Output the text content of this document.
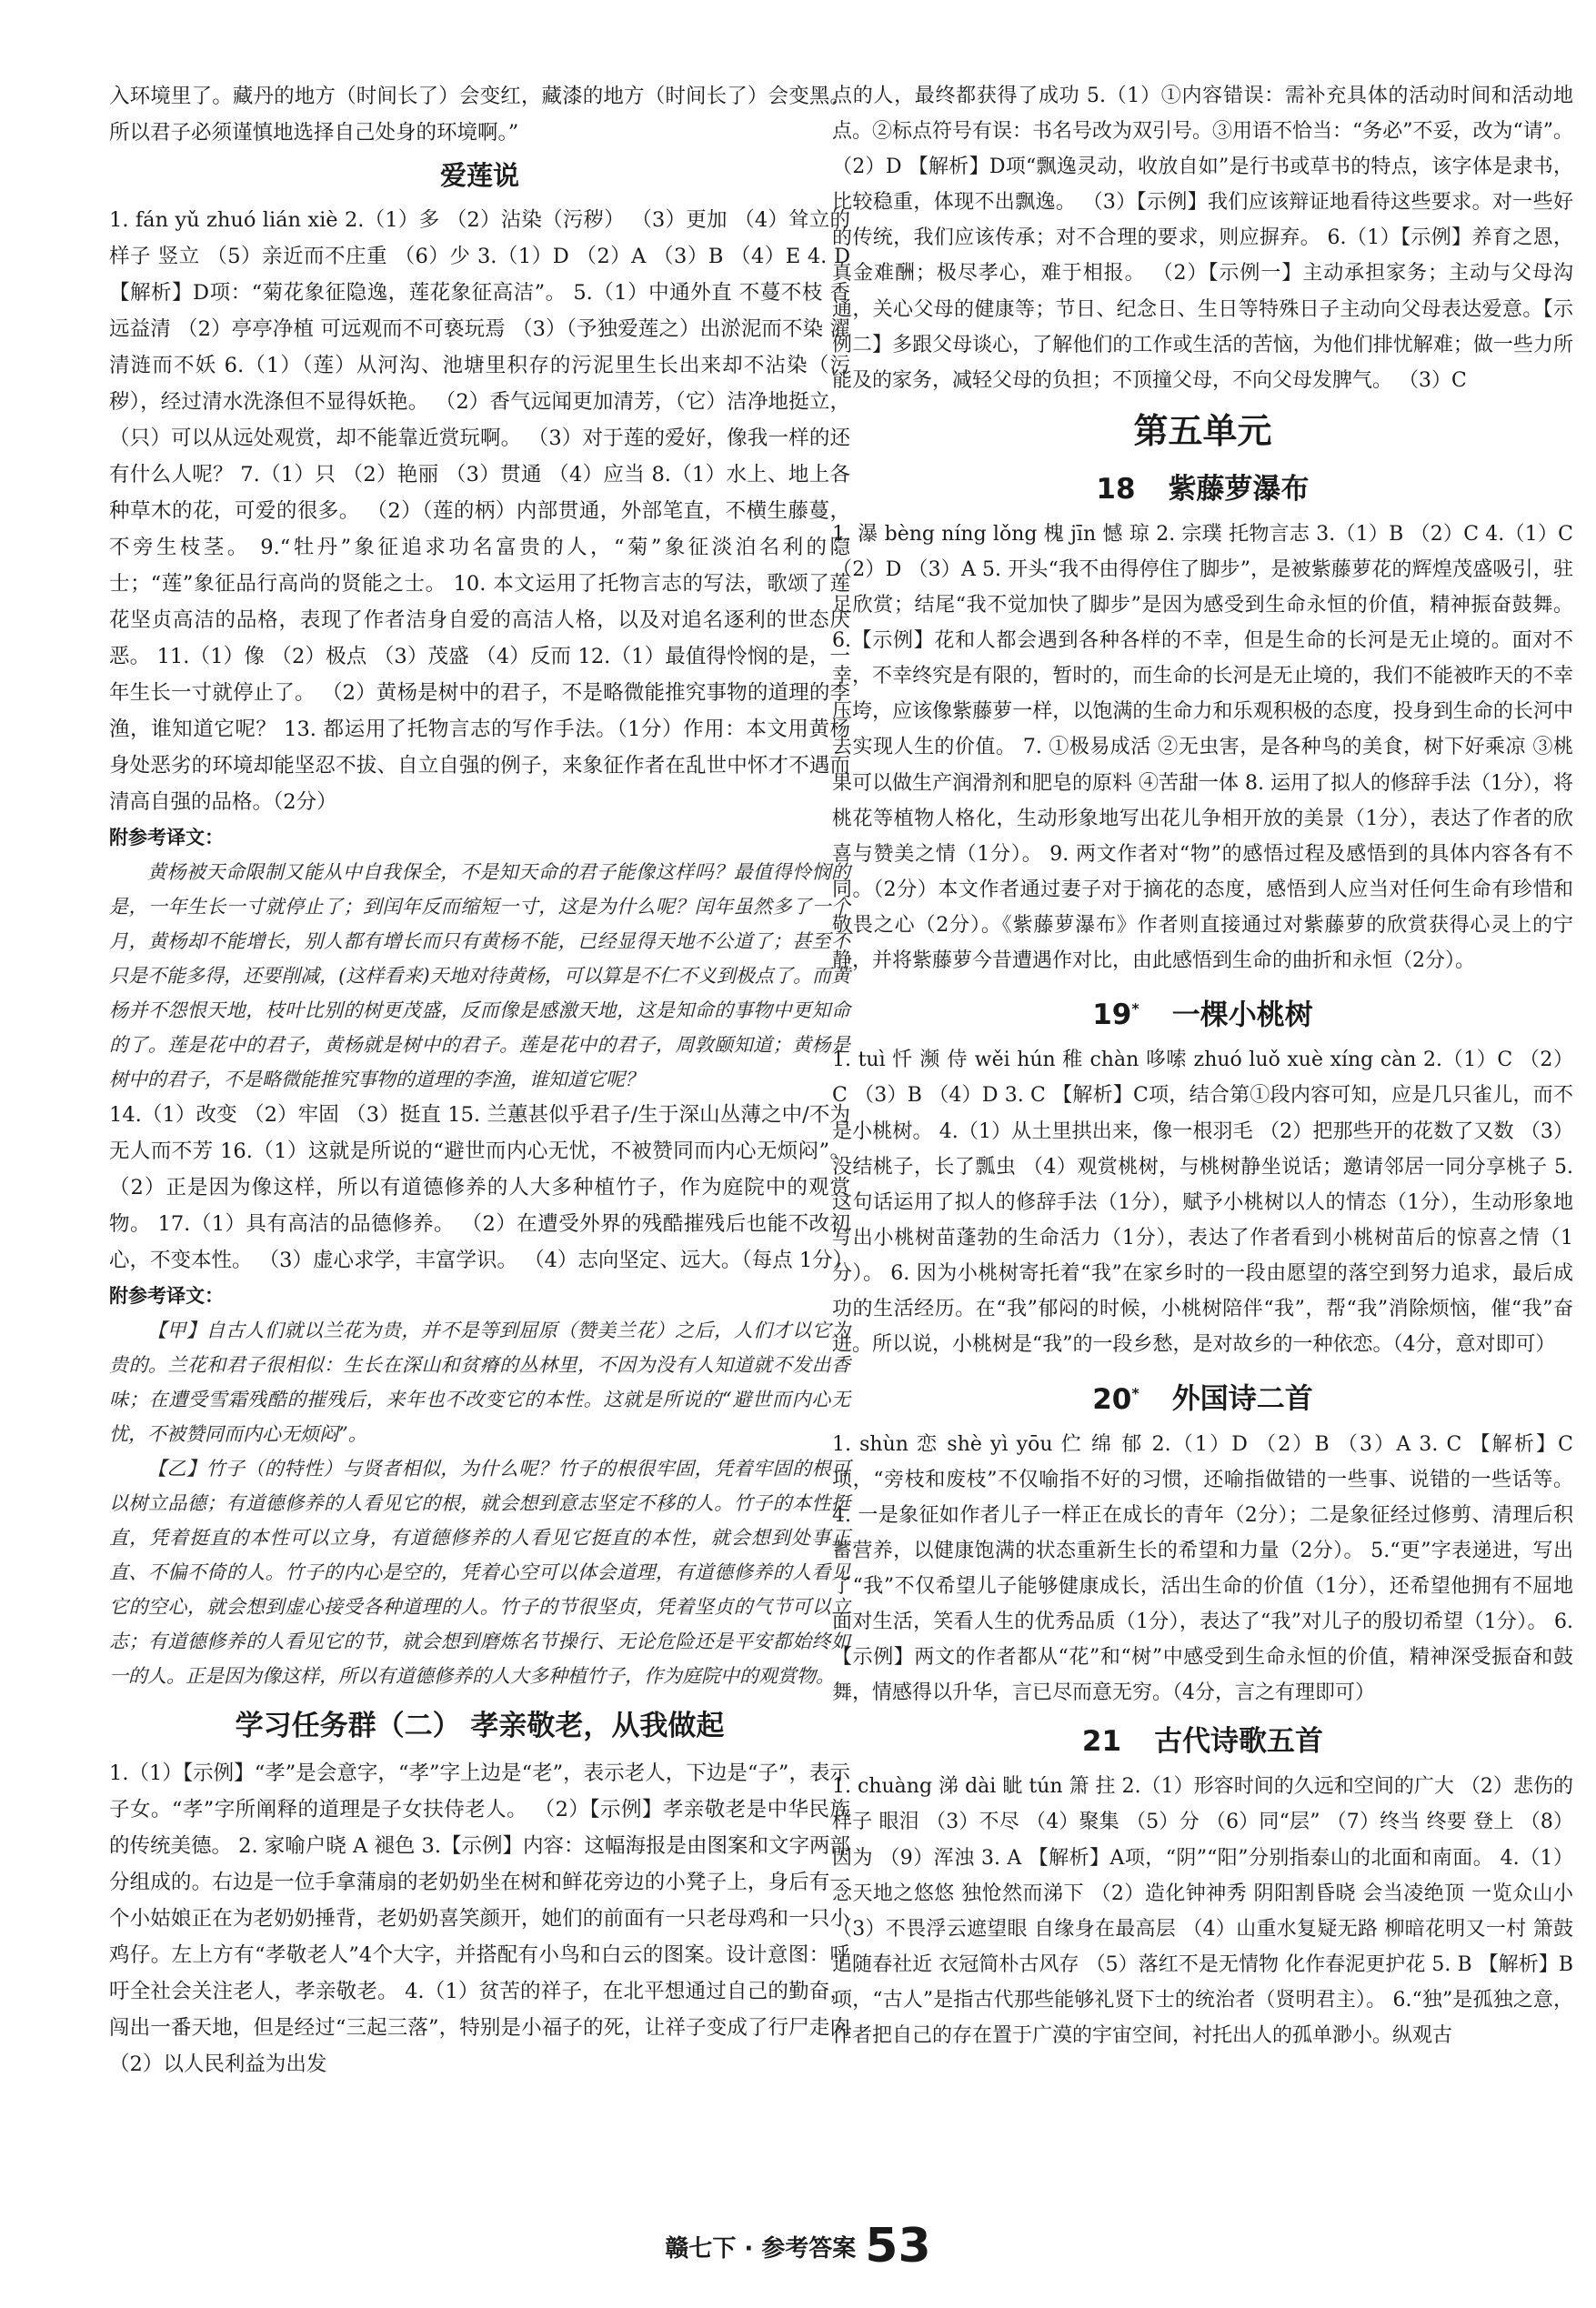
入环境里了。藏丹的地方（时间长了）会变红，藏漆的地方（时间长了）会变黑。所以君子必须谨慎地选择自己处身的环境啊。”

爱莲说

1. fán yǔ zhuó lián xiè 2.（1）多 （2）沾染（污秽） （3）更加 （4）耸立的样子 竖立 （5）亲近而不庄重 （6）少 3.（1）D （2）A （3）B （4）E 4. D 【解析】D项：“菊花象征隐逸，莲花象征高洁”。 5.（1）中通外直 不蔓不枝 香远益清 （2）亭亭净植 可远观而不可亵玩焉 （3）（予独爱莲之）出淤泥而不染 濯清涟而不妖 6.（1）（莲）从河沟、池塘里积存的污泥里生长出来却不沾染（污秽），经过清水洗涤但不显得妖艳。 （2）香气远闻更加清芳，（它）洁净地挺立，（只）可以从远处观赏，却不能靠近赏玩啊。 （3）对于莲的爱好，像我一样的还有什么人呢？ 7.（1）只 （2）艳丽 （3）贯通 （4）应当 8.（1）水上、地上各种草木的花，可爱的很多。 （2）（莲的柄）内部贯通，外部笔直，不横生藤蔓，不旁生枝茎。 9.“牡丹”象征追求功名富贵的人，“菊”象征淡泊名利的隐士；“莲”象征品行高尚的贤能之士。 10. 本文运用了托物言志的写法，歌颂了莲花坚贞高洁的品格，表现了作者洁身自爱的高洁人格，以及对追名逐利的世态厌恶。 11.（1）像 （2）极点 （3）茂盛 （4）反而 12.（1）最值得怜悯的是，一年生长一寸就停止了。 （2）黄杨是树中的君子，不是略微能推究事物的道理的李渔，谁知道它呢？ 13. 都运用了托物言志的写作手法。（1分）作用：本文用黄杨身处恶劣的环境却能坚忍不拔、自立自强的例子，来象征作者在乱世中怀才不遇而清高自强的品格。（2分）

附参考译文：

黄杨被天命限制又能从中自我保全，不是知天命的君子能像这样吗？最值得怜悯的是，一年生长一寸就停止了；到闰年反而缩短一寸，这是为什么呢？闰年虽然多了一个月，黄杨却不能增长，别人都有增长而只有黄杨不能，已经显得天地不公道了；甚至不只是不能多得，还要削减，(这样看来)天地对待黄杨，可以算是不仁不义到极点了。而黄杨并不怨恨天地，枝叶比别的树更茂盛，反而像是感激天地，这是知命的事物中更知命的了。莲是花中的君子，黄杨就是树中的君子。莲是花中的君子，周敦颐知道；黄杨是树中的君子，不是略微能推究事物的道理的李渔，谁知道它呢？

14.（1）改变 （2）牢固 （3）挺直 15. 兰蕙甚似乎君子/生于深山丛薄之中/不为无人而不芳 16.（1）这就是所说的“避世而内心无忧，不被赞同而内心无烦闷”。 （2）正是因为像这样，所以有道德修养的人大多种植竹子，作为庭院中的观赏物。 17.（1）具有高洁的品德修养。 （2）在遭受外界的残酷摧残后也能不改初心，不变本性。 （3）虚心求学，丰富学识。 （4）志向坚定、远大。（每点 1分）

附参考译文：

【甲】自古人们就以兰花为贵，并不是等到屈原（赞美兰花）之后，人们才以它为贵的。兰花和君子很相似：生长在深山和贫瘠的丛林里，不因为没有人知道就不发出香味；在遭受雪霜残酷的摧残后，来年也不改变它的本性。这就是所说的“避世而内心无忧，不被赞同而内心无烦闷”。

【乙】竹子（的特性）与贤者相似，为什么呢？竹子的根很牢固，凭着牢固的根可以树立品德；有道德修养的人看见它的根，就会想到意志坚定不移的人。竹子的本性挺直，凭着挺直的本性可以立身，有道德修养的人看见它挺直的本性，就会想到处事正直、不偏不倚的人。竹子的内心是空的，凭着心空可以体会道理，有道德修养的人看见它的空心，就会想到虚心接受各种道理的人。竹子的节很坚贞，凭着坚贞的气节可以立志；有道德修养的人看见它的节，就会想到磨炼名节操行、无论危险还是平安都始终如一的人。正是因为像这样，所以有道德修养的人大多种植竹子，作为庭院中的观赏物。

学习任务群（二） 孝亲敬老，从我做起

1.（1）【示例】“孝”是会意字，“孝”字上边是“老”，表示老人，下边是“子”，表示子女。“孝”字所阐释的道理是子女扶侍老人。 （2）【示例】孝亲敬老是中华民族的传统美德。 2. 家喻户晓 A 褪色 3.【示例】内容：这幅海报是由图案和文字两部分组成的。右边是一位手拿蒲扇的老奶奶坐在树和鲜花旁边的小凳子上，身后有一个小姑娘正在为老奶奶捶背，老奶奶喜笑颜开，她们的前面有一只老母鸡和一只小鸡仔。左上方有“孝敬老人”4个大字，并搭配有小鸟和白云的图案。设计意图：呼吁全社会关注老人，孝亲敬老。 4.（1）贫苦的祥子，在北平想通过自己的勤奋，闯出一番天地，但是经过“三起三落”，特别是小福子的死，让祥子变成了行尸走肉 （2）以人民利益为出发

点的人，最终都获得了成功 5.（1）①内容错误：需补充具体的活动时间和活动地点。②标点符号有误：书名号改为双引号。③用语不恰当：“务必”不妥，改为“请”。 （2）D 【解析】D项“飘逸灵动，收放自如”是行书或草书的特点，该字体是隶书，比较稳重，体现不出飘逸。 （3）【示例】我们应该辩证地看待这些要求。对一些好的传统，我们应该传承；对不合理的要求，则应摒弃。 6.（1）【示例】养育之恩，真金难酬；极尽孝心，难于相报。 （2）【示例一】主动承担家务；主动与父母沟通，关心父母的健康等；节日、纪念日、生日等特殊日子主动向父母表达爱意。【示例二】多跟父母谈心，了解他们的工作或生活的苦恼，为他们排忧解难；做一些力所能及的家务，减轻父母的负担；不顶撞父母，不向父母发脾气。 （3）C

第五单元
18 紫藤萝瀑布

1. 瀑 bèng níng lǒng 槐 jīn 憾 琼 2. 宗璞 托物言志 3.（1）B （2）C 4.（1）C （2）D （3）A 5. 开头“我不由得停住了脚步”，是被紫藤萝花的辉煌茂盛吸引，驻足欣赏；结尾“我不觉加快了脚步”是因为感受到生命永恒的价值，精神振奋鼓舞。 6.【示例】花和人都会遇到各种各样的不幸，但是生命的长河是无止境的。面对不幸，不幸终究是有限的，暂时的，而生命的长河是无止境的，我们不能被昨天的不幸压垮，应该像紫藤萝一样，以饱满的生命力和乐观积极的态度，投身到生命的长河中去实现人生的价值。 7. ①极易成活 ②无虫害，是各种鸟的美食，树下好乘凉 ③桃果可以做生产润滑剂和肥皂的原料 ④苦甜一体 8. 运用了拟人的修辞手法（1分），将桃花等植物人格化，生动形象地写出花儿争相开放的美景（1分），表达了作者的欣喜与赞美之情（1分）。 9. 两文作者对“物”的感悟过程及感悟到的具体内容各有不同。（2分）本文作者通过妻子对于摘花的态度，感悟到人应当对任何生命有珍惜和敬畏之心（2分）。《紫藤萝瀑布》作者则直接通过对紫藤萝的欣赏获得心灵上的宁静，并将紫藤萝今昔遭遇作对比，由此感悟到生命的曲折和永恒（2分）。

19* 一棵小桃树

1. tuì 忏 濒 侍 wěi hún 稚 chàn 哆嗦 zhuó luǒ xuè xíng càn 2.（1）C （2）C （3）B （4）D 3. C 【解析】C项，结合第①段内容可知，应是几只雀儿，而不是小桃树。 4.（1）从土里拱出来，像一根羽毛 （2）把那些开的花数了又数 （3）没结桃子，长了瓢虫 （4）观赏桃树，与桃树静坐说话；邀请邻居一同分享桃子 5. 这句话运用了拟人的修辞手法（1分），赋予小桃树以人的情态（1分），生动形象地写出小桃树苗蓬勃的生命活力（1分），表达了作者看到小桃树苗后的惊喜之情（1分）。 6. 因为小桃树寄托着“我”在家乡时的一段由愿望的落空到努力追求，最后成功的生活经历。在“我”郁闷的时候，小桃树陪伴“我”，帮“我”消除烦恼，催“我”奋进。所以说，小桃树是“我”的一段乡愁，是对故乡的一种依恋。（4分，意对即可）

20* 外国诗二首

1. shùn 恋 shè yì yōu 伫 绵 郁 2.（1）D （2）B （3）A 3. C 【解析】C项，“旁枝和废枝”不仅喻指不好的习惯，还喻指做错的一些事、说错的一些话等。 4. 一是象征如作者儿子一样正在成长的青年（2分）；二是象征经过修剪、清理后积蓄营养，以健康饱满的状态重新生长的希望和力量（2分）。 5.“更”字表递进，写出了“我”不仅希望儿子能够健康成长，活出生命的价值（1分），还希望他拥有不屈地面对生活，笑看人生的优秀品质（1分），表达了“我”对儿子的殷切希望（1分）。 6.【示例】两文的作者都从“花”和“树”中感受到生命永恒的价值，精神深受振奋和鼓舞，情感得以升华，言已尽而意无穷。（4分，言之有理即可）

21 古代诗歌五首

1. chuàng 涕 dài 眦 tún 箫 拄 2.（1）形容时间的久远和空间的广大 （2）悲伤的样子 眼泪 （3）不尽 （4）聚集 （5）分 （6）同“层” （7）终当 终要 登上 （8）因为 （9）浑浊 3. A 【解析】A项，“阴”“阳”分别指泰山的北面和南面。 4.（1）念天地之悠悠 独怆然而涕下 （2）造化钟神秀 阴阳割昏晓 会当凌绝顶 一览众山小 （3）不畏浮云遮望眼 自缘身在最高层 （4）山重水复疑无路 柳暗花明又一村 箫鼓追随春社近 衣冠简朴古风存 （5）落红不是无情物 化作春泥更护花 5. B 【解析】B项，“古人”是指古代那些能够礼贤下士的统治者（贤明君主）。 6.“独”是孤独之意，作者把自己的存在置于广漠的宇宙空间，衬托出人的孤单渺小。纵观古

赣七下 · 参考答案 53
